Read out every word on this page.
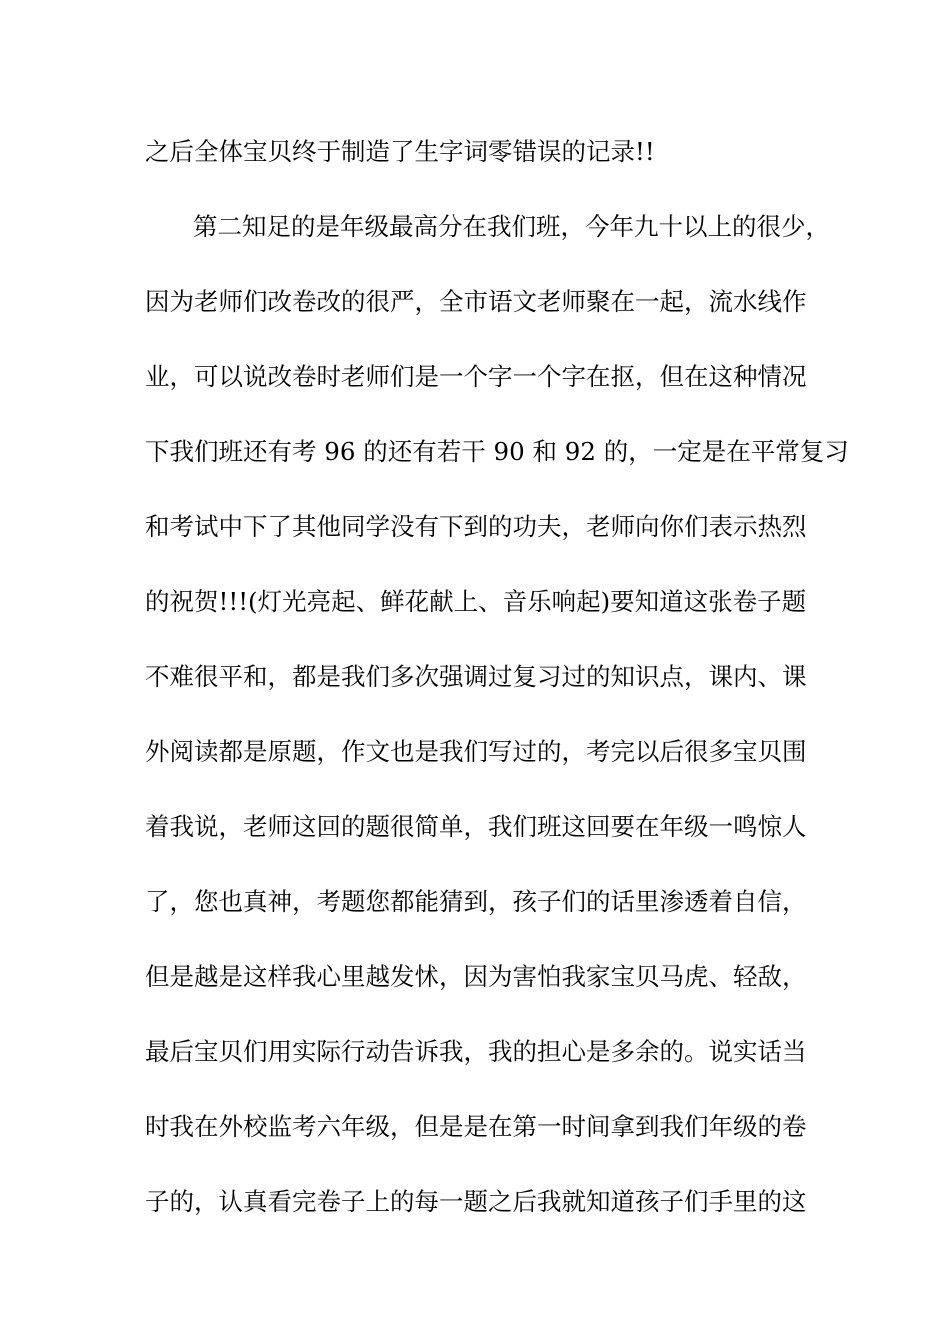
之后全体宝贝终于制造了生字词零错误的记录!!
第二知足的是年级最高分在我们班，今年九十以上的很少，
因为老师们改卷改的很严，全市语文老师聚在一起，流水线作
业，可以说改卷时老师们是一个字一个字在抠，但在这种情况
下我们班还有考 96 的还有若干 90 和 92 的，一定是在平常复习
和考试中下了其他同学没有下到的功夫，老师向你们表示热烈
的祝贺!!!(灯光亮起、鲜花献上、音乐响起)要知道这张卷子题
不难很平和，都是我们多次强调过复习过的知识点，课内、课
外阅读都是原题，作文也是我们写过的，考完以后很多宝贝围
着我说，老师这回的题很简单，我们班这回要在年级一鸣惊人
了，您也真神，考题您都能猜到，孩子们的话里渗透着自信，
但是越是这样我心里越发怵，因为害怕我家宝贝马虎、轻敌，
最后宝贝们用实际行动告诉我，我的担心是多余的。说实话当
时我在外校监考六年级，但是是在第一时间拿到我们年级的卷
子的，认真看完卷子上的每一题之后我就知道孩子们手里的这
